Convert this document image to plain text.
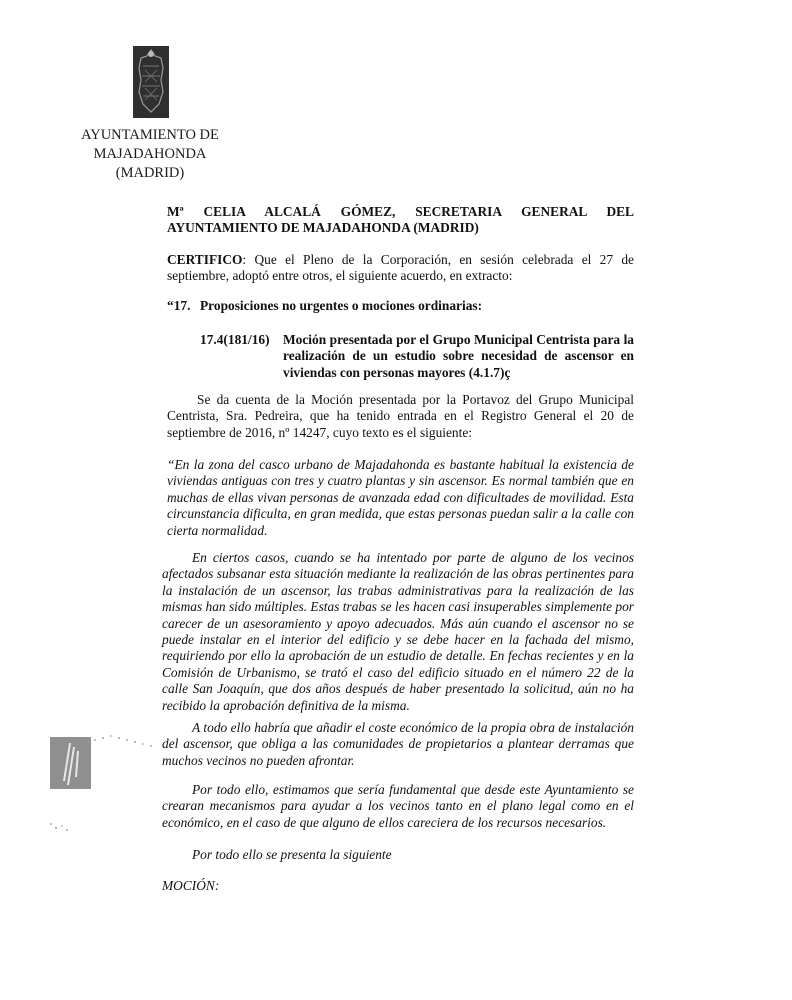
AYUNTAMIENTO DE
MAJADAHONDA
(MADRID)
Mª CELIA ALCALÁ GÓMEZ, SECRETARIA GENERAL DEL AYUNTAMIENTO DE MAJADAHONDA (MADRID)
CERTIFICO: Que el Pleno de la Corporación, en sesión celebrada el 27 de septiembre, adoptó entre otros, el siguiente acuerdo, en extracto:
“17. Proposiciones no urgentes o mociones ordinarias:
17.4(181/16)	Moción presentada por el Grupo Municipal Centrista para la realización de un estudio sobre necesidad de ascensor en viviendas con personas mayores (4.1.7)ç
Se da cuenta de la Moción presentada por la Portavoz del Grupo Municipal Centrista, Sra. Pedreira, que ha tenido entrada en el Registro General el 20 de septiembre de 2016, nº 14247, cuyo texto es el siguiente:
“En la zona del casco urbano de Majadahonda es bastante habitual la existencia de viviendas antiguas con tres y cuatro plantas y sin ascensor. Es normal también que en muchas de ellas vivan personas de avanzada edad con dificultades de movilidad. Esta circunstancia dificulta, en gran medida, que estas personas puedan salir a la calle con cierta normalidad.
En ciertos casos, cuando se ha intentado por parte de alguno de los vecinos afectados subsanar esta situación mediante la realización de las obras pertinentes para la instalación de un ascensor, las trabas administrativas para la realización de las mismas han sido múltiples. Estas trabas se les hacen casi insuperables simplemente por carecer de un asesoramiento y apoyo adecuados. Más aún cuando el ascensor no se puede instalar en el interior del edificio y se debe hacer en la fachada del mismo, requiriendo por ello la aprobación de un estudio de detalle. En fechas recientes y en la Comisión de Urbanismo, se trató el caso del edificio situado en el número 22 de la calle San Joaquín, que dos años después de haber presentado la solicitud, aún no ha recibido la aprobación definitiva de la misma.
A todo ello habría que añadir el coste económico de la propia obra de instalación del ascensor, que obliga a las comunidades de propietarios a plantear derramas que muchos vecinos no pueden afrontar.
Por todo ello, estimamos que sería fundamental que desde este Ayuntamiento se crearan mecanismos para ayudar a los vecinos tanto en el plano legal como en el económico, en el caso de que alguno de ellos careciera de los recursos necesarios.
Por todo ello se presenta la siguiente
MOCIÓN:
